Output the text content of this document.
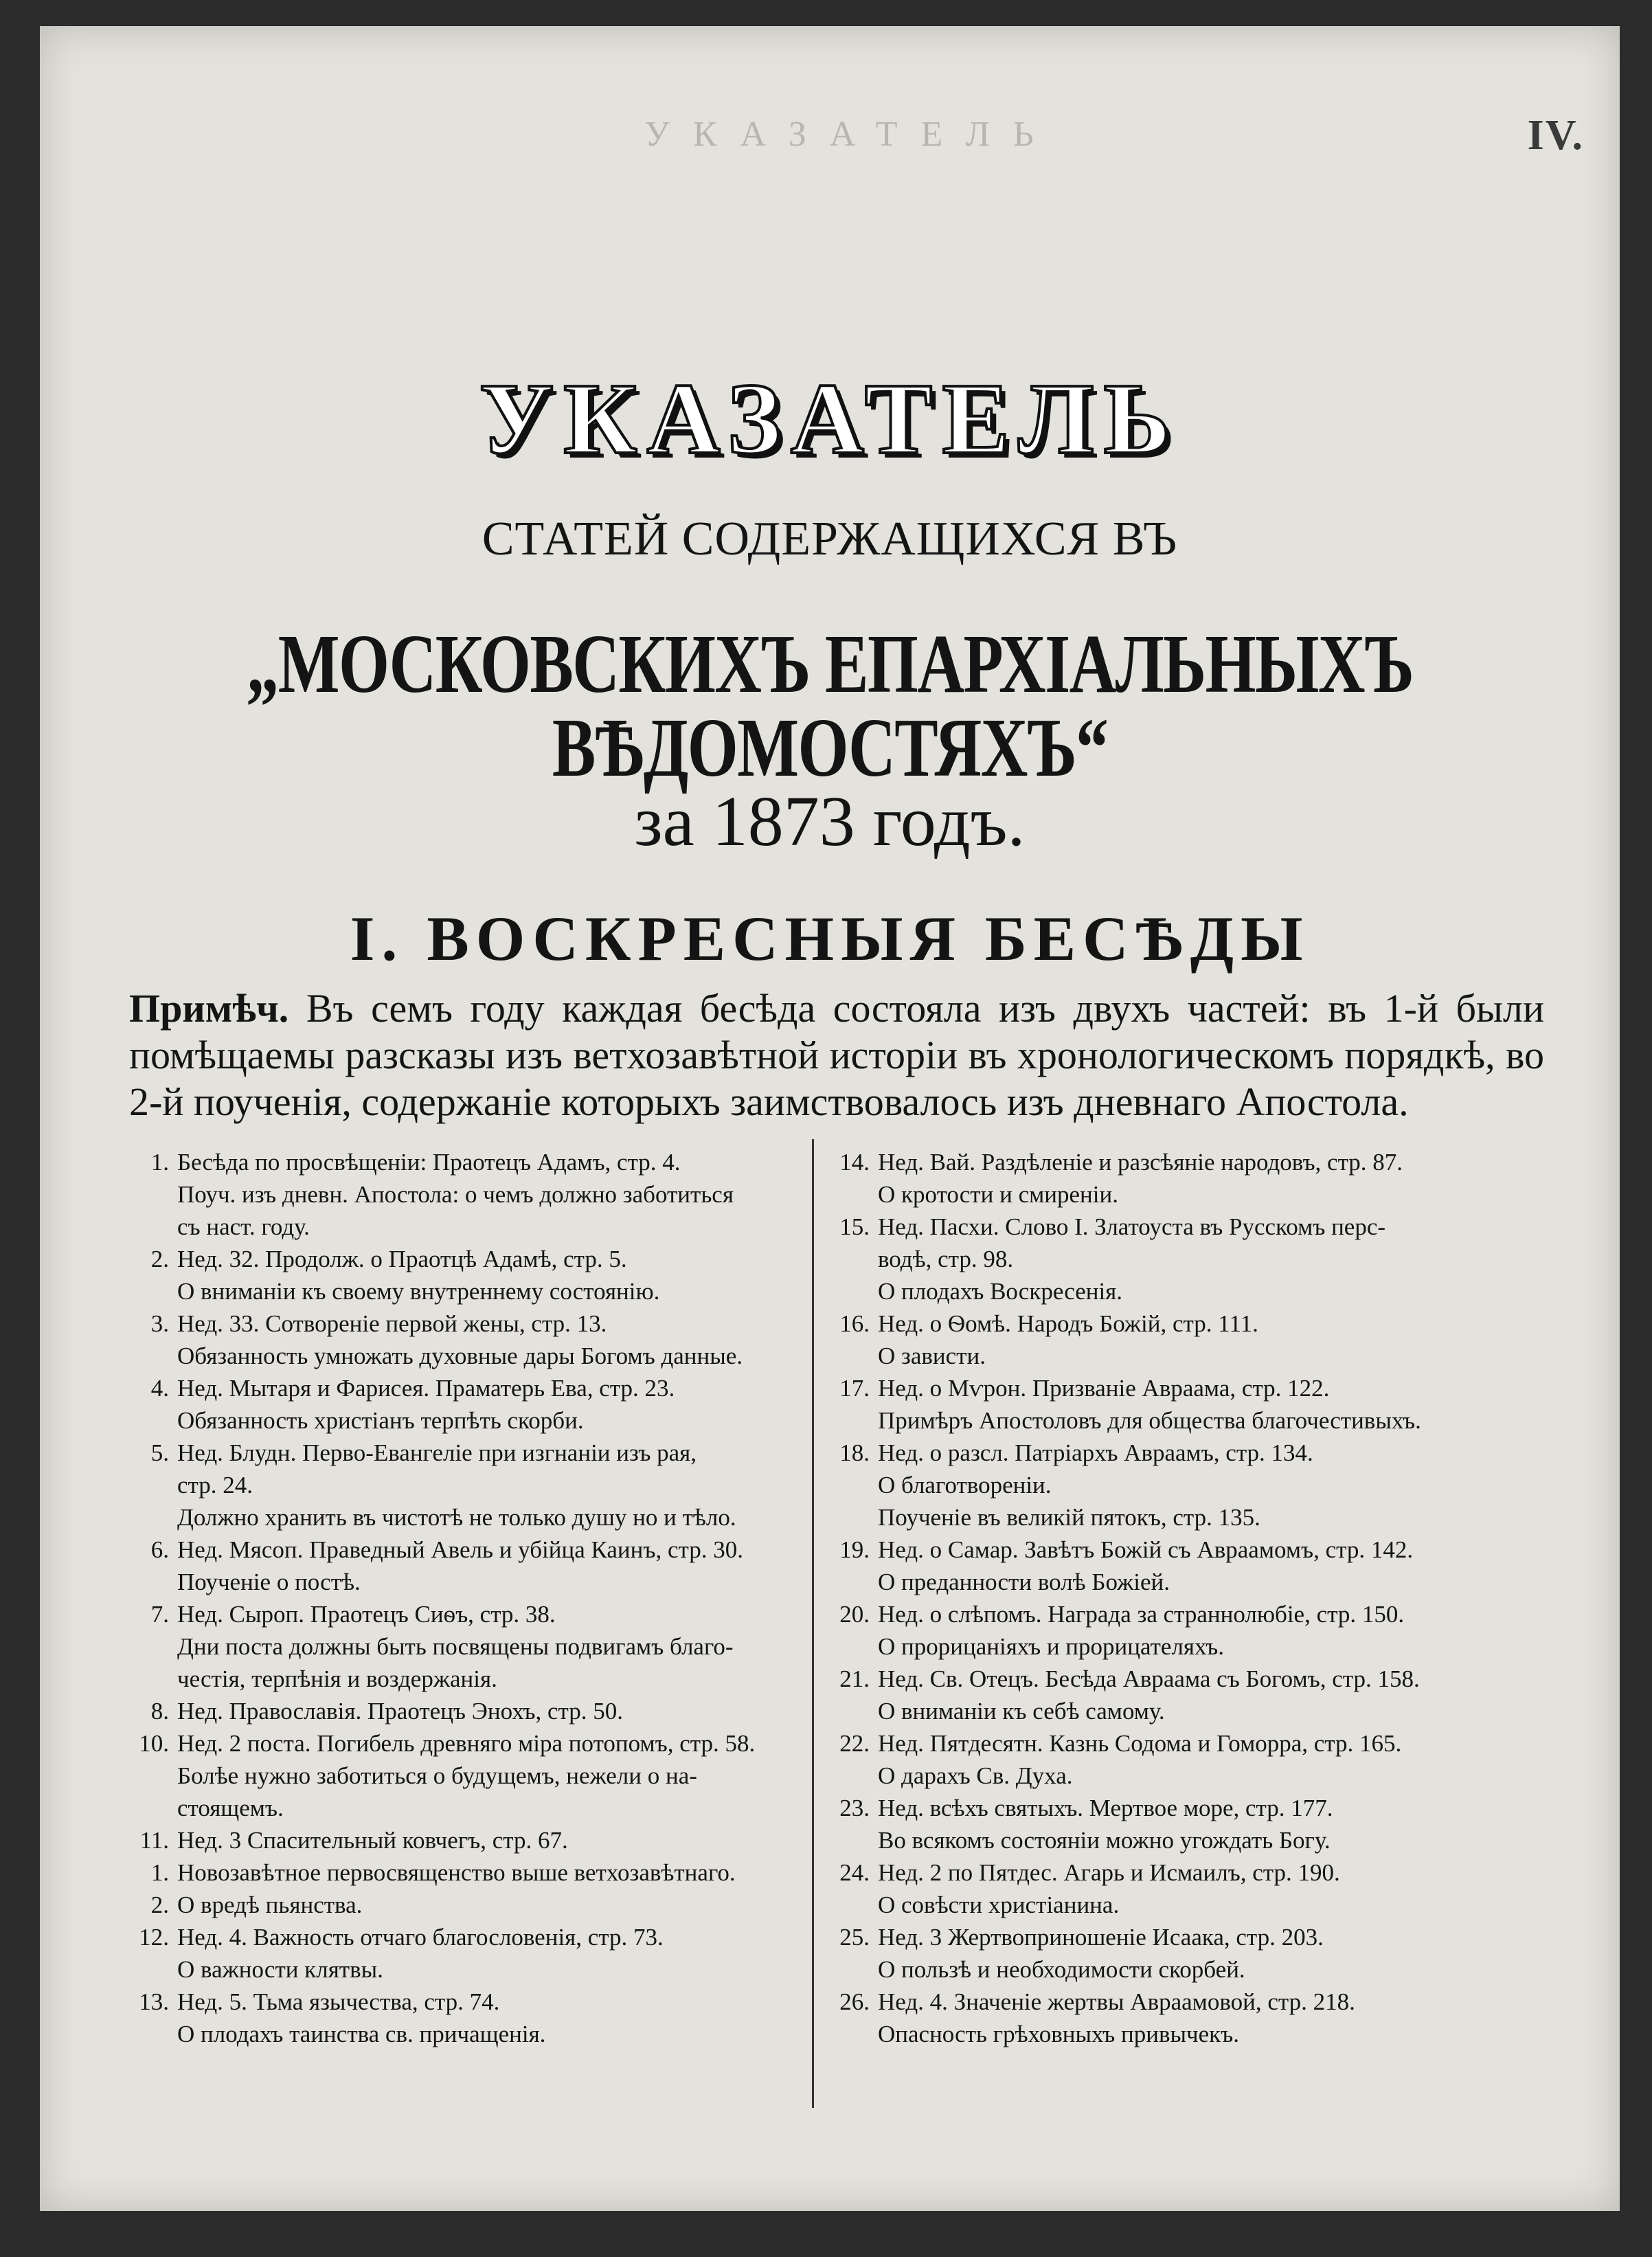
УКАЗАТЕЛЬ	IV.
УКАЗАТЕЛЬ
СТАТЕЙ СОДЕРЖАЩИХСЯ ВЪ
„МОСКОВСКИХЪ ЕПАРХІАЛЬНЫХЪ ВѢДОМОСТЯХЪ“
за 1873 годъ.
I. ВОСКРЕСНЫЯ БЕСѢДЫ
Примѣч. Въ семъ году каждая бесѣда состояла изъ двухъ частей: въ 1-й были помѣщаемы разсказы изъ ветхозавѣтной исторіи въ хронологическомъ порядкѣ, во 2-й поученія, содержаніе которыхъ заимствовалось изъ дневнаго Апостола.
1. Бесѣда по просвѣщеніи: Праотецъ Адамъ, стр. 4.
Поуч. изъ дневн. Апостола: о чемъ должно заботиться
съ наст. году.
2. Нед. 32. Продолж. о Праотцѣ Адамѣ, стр. 5.
О вниманіи къ своему внутреннему состоянію.
3. Нед. 33. Сотвореніе первой жены, стр. 13.
Обязанность умножать духовные дары Богомъ данные.
4. Нед. Мытаря и Фарисея. Праматерь Ева, стр. 23.
Обязанность христіанъ терпѣть скорби.
5. Нед. Блудн. Перво-Евангеліе при изгнаніи изъ рая,
стр. 24.
Должно хранить въ чистотѣ не только душу но и тѣло.
6. Нед. Мясоп. Праведный Авель и убійца Каинъ, стр. 30.
Поученіе о постѣ.
7. Нед. Сыроп. Праотецъ Сиѳъ, стр. 38.
Дни поста должны быть посвящены подвигамъ благо-
честія, терпѣнія и воздержанія.
8. Нед. Православія. Праотецъ Энохъ, стр. 50.
10. Нед. 2 поста. Погибель древняго міра потопомъ, стр. 58.
Болѣе нужно заботиться о будущемъ, нежели о на-
стоящемъ.
11. Нед. 3 Спасительный ковчегъ, стр. 67.
1. Новозавѣтное первосвященство выше ветхозавѣтнаго.
2. О вредѣ пьянства.
12. Нед. 4. Важность отчаго благословенія, стр. 73.
О важности клятвы.
13. Нед. 5. Тьма язычества, стр. 74.
О плодахъ таинства св. причащенія.
14. Нед. Вай. Раздѣленіе и разсѣяніе народовъ, стр. 87.
О кротости и смиреніи.
15. Нед. Пасхи. Слово I. Златоуста въ Русскомъ перс-
водѣ, стр. 98.
О плодахъ Воскресенія.
16. Нед. о Ѳомѣ. Народъ Божій, стр. 111.
О зависти.
17. Нед. о Мѵрон. Призваніе Авраама, стр. 122.
Примѣръ Апостоловъ для общества благочестивыхъ.
18. Нед. о разсл. Патріархъ Авраамъ, стр. 134.
О благотвореніи.
Поученіе въ великій пятокъ, стр. 135.
19. Нед. о Самар. Завѣтъ Божій съ Авраамомъ, стр. 142.
О преданности волѣ Божіей.
20. Нед. о слѣпомъ. Награда за страннолюбіе, стр. 150.
О прорицаніяхъ и прорицателяхъ.
21. Нед. Св. Отецъ. Бесѣда Авраама съ Богомъ, стр. 158.
О вниманіи къ себѣ самому.
22. Нед. Пятдесятн. Казнь Содома и Гоморра, стр. 165.
О дарахъ Св. Духа.
23. Нед. всѣхъ святыхъ. Мертвое море, стр. 177.
Во всякомъ состояніи можно угождать Богу.
24. Нед. 2 по Пятдес. Агарь и Исмаилъ, стр. 190.
О совѣсти христіанина.
25. Нед. 3 Жертвоприношеніе Исаака, стр. 203.
О пользѣ и необходимости скорбей.
26. Нед. 4. Значеніе жертвы Авраамовой, стр. 218.
Опасность грѣховныхъ привычекъ.
